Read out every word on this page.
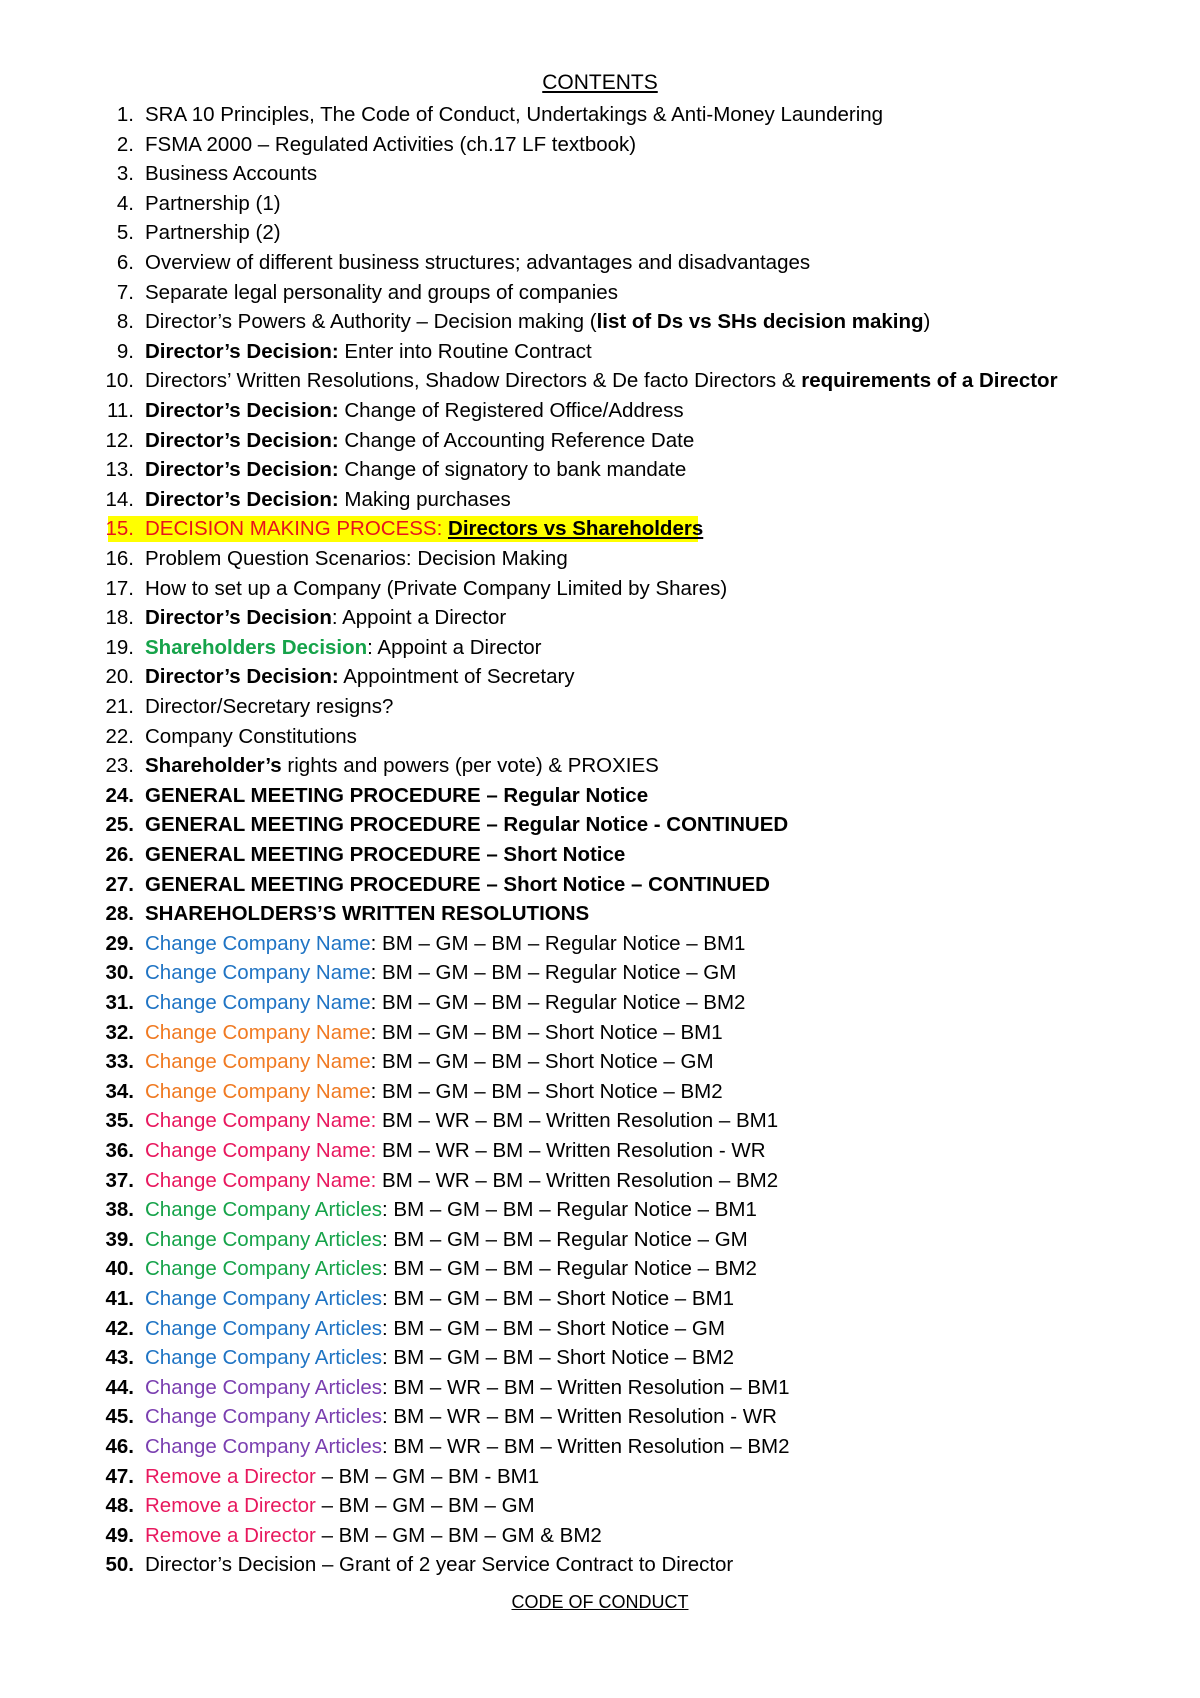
CONTENTS
1. SRA 10 Principles, The Code of Conduct, Undertakings & Anti-Money Laundering
2. FSMA 2000 – Regulated Activities (ch.17 LF textbook)
3. Business Accounts
4. Partnership (1)
5. Partnership (2)
6. Overview of different business structures; advantages and disadvantages
7. Separate legal personality and groups of companies
8. Director’s Powers & Authority – Decision making (list of Ds vs SHs decision making)
9. Director’s Decision: Enter into Routine Contract
10. Directors’ Written Resolutions, Shadow Directors & De facto Directors & requirements of a Director
11. Director’s Decision: Change of Registered Office/Address
12. Director’s Decision: Change of Accounting Reference Date
13. Director’s Decision: Change of signatory to bank mandate
14. Director’s Decision: Making purchases
15. DECISION MAKING PROCESS: Directors vs Shareholders
16. Problem Question Scenarios: Decision Making
17. How to set up a Company (Private Company Limited by Shares)
18. Director’s Decision: Appoint a Director
19. Shareholders Decision: Appoint a Director
20. Director’s Decision: Appointment of Secretary
21. Director/Secretary resigns?
22. Company Constitutions
23. Shareholder’s rights and powers (per vote) & PROXIES
24. GENERAL MEETING PROCEDURE – Regular Notice
25. GENERAL MEETING PROCEDURE – Regular Notice - CONTINUED
26. GENERAL MEETING PROCEDURE – Short Notice
27. GENERAL MEETING PROCEDURE – Short Notice – CONTINUED
28. SHAREHOLDERS’S WRITTEN RESOLUTIONS
29. Change Company Name: BM – GM – BM – Regular Notice – BM1
30. Change Company Name: BM – GM – BM – Regular Notice – GM
31. Change Company Name: BM – GM – BM – Regular Notice – BM2
32. Change Company Name: BM – GM – BM – Short Notice – BM1
33. Change Company Name: BM – GM – BM – Short Notice – GM
34. Change Company Name: BM – GM – BM – Short Notice – BM2
35. Change Company Name: BM – WR – BM – Written Resolution – BM1
36. Change Company Name: BM – WR – BM – Written Resolution - WR
37. Change Company Name: BM – WR – BM – Written Resolution – BM2
38. Change Company Articles: BM – GM – BM – Regular Notice – BM1
39. Change Company Articles: BM – GM – BM – Regular Notice – GM
40. Change Company Articles: BM – GM – BM – Regular Notice – BM2
41. Change Company Articles: BM – GM – BM – Short Notice – BM1
42. Change Company Articles: BM – GM – BM – Short Notice – GM
43. Change Company Articles: BM – GM – BM – Short Notice – BM2
44. Change Company Articles: BM – WR – BM – Written Resolution – BM1
45. Change Company Articles: BM – WR – BM – Written Resolution - WR
46. Change Company Articles: BM – WR – BM – Written Resolution – BM2
47. Remove a Director – BM – GM – BM - BM1
48. Remove a Director – BM – GM – BM – GM
49. Remove a Director – BM – GM – BM – GM & BM2
50. Director’s Decision – Grant of 2 year Service Contract to Director
CODE OF CONDUCT
